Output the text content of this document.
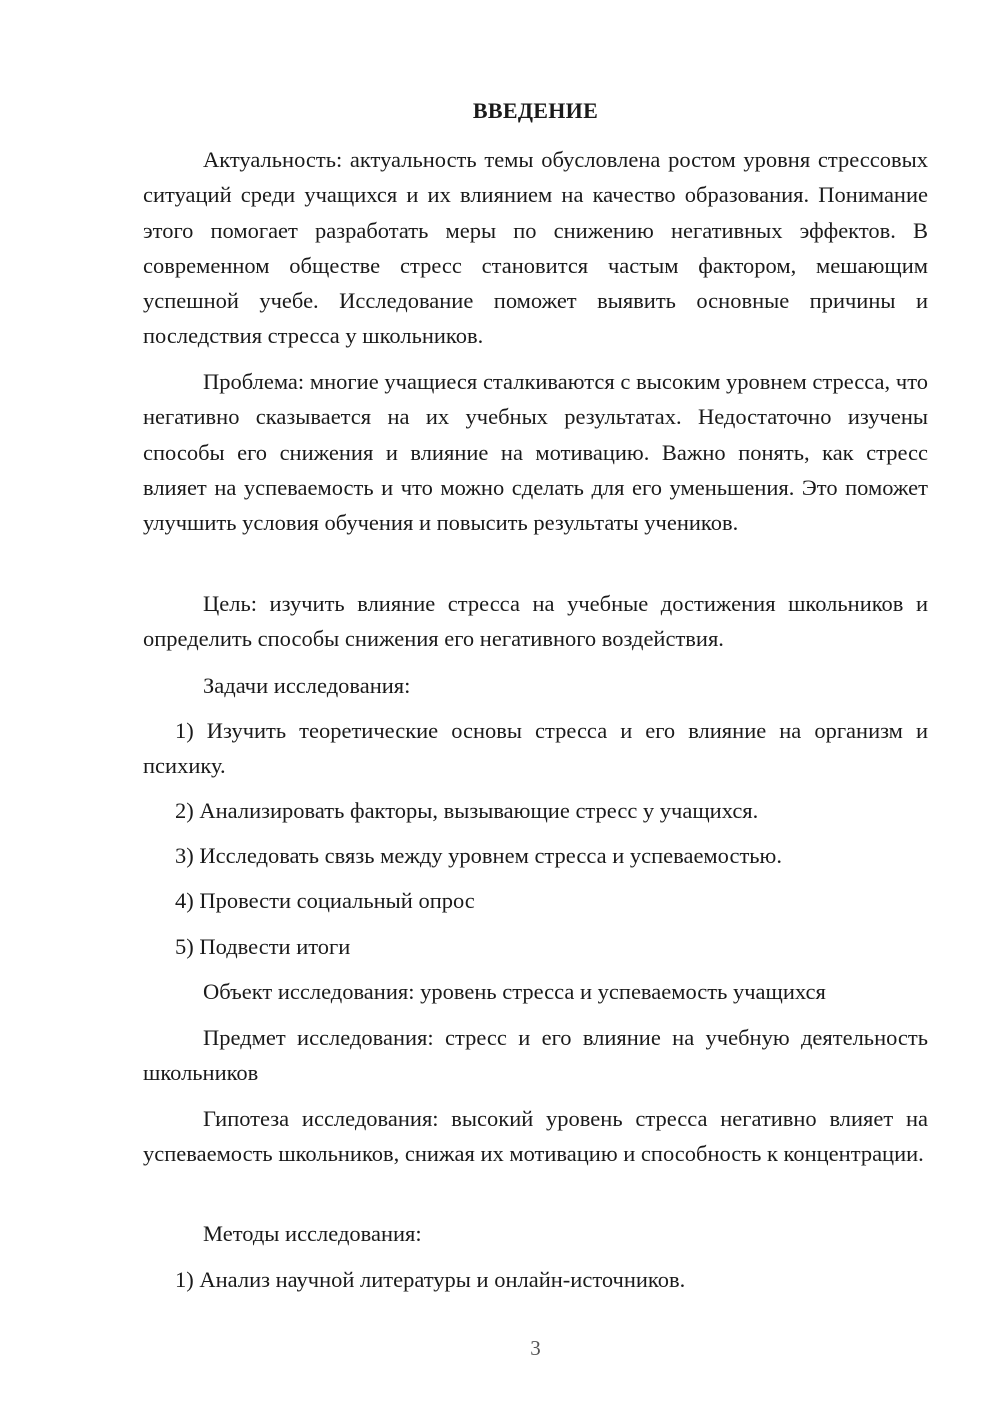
ВВЕДЕНИЕ

Актуальность: актуальность темы обусловлена ростом уровня стрессовых ситуаций среди учащихся и их влиянием на качество образования. Понимание этого помогает разработать меры по снижению негативных эффектов. В современном обществе стресс становится частым фактором, мешающим успешной учебе. Исследование поможет выявить основные причины и последствия стресса у школьников.

Проблема: многие учащиеся сталкиваются с высоким уровнем стресса, что негативно сказывается на их учебных результатах. Недостаточно изучены способы его снижения и влияние на мотивацию. Важно понять, как стресс влияет на успеваемость и что можно сделать для его уменьшения. Это поможет улучшить условия обучения и повысить результаты учеников.

Цель: изучить влияние стресса на учебные достижения школьников и определить способы снижения его негативного воздействия.

Задачи исследования:

1) Изучить теоретические основы стресса и его влияние на организм и психику.

2) Анализировать факторы, вызывающие стресс у учащихся.

3) Исследовать связь между уровнем стресса и успеваемостью.

4) Провести социальный опрос

5) Подвести итоги

Объект исследования: уровень стресса и успеваемость учащихся

Предмет исследования: стресс и его влияние на учебную деятельность школьников

Гипотеза исследования: высокий уровень стресса негативно влияет на успеваемость школьников, снижая их мотивацию и способность к концентрации.

Методы исследования:

1) Анализ научной литературы и онлайн-источников.

3
